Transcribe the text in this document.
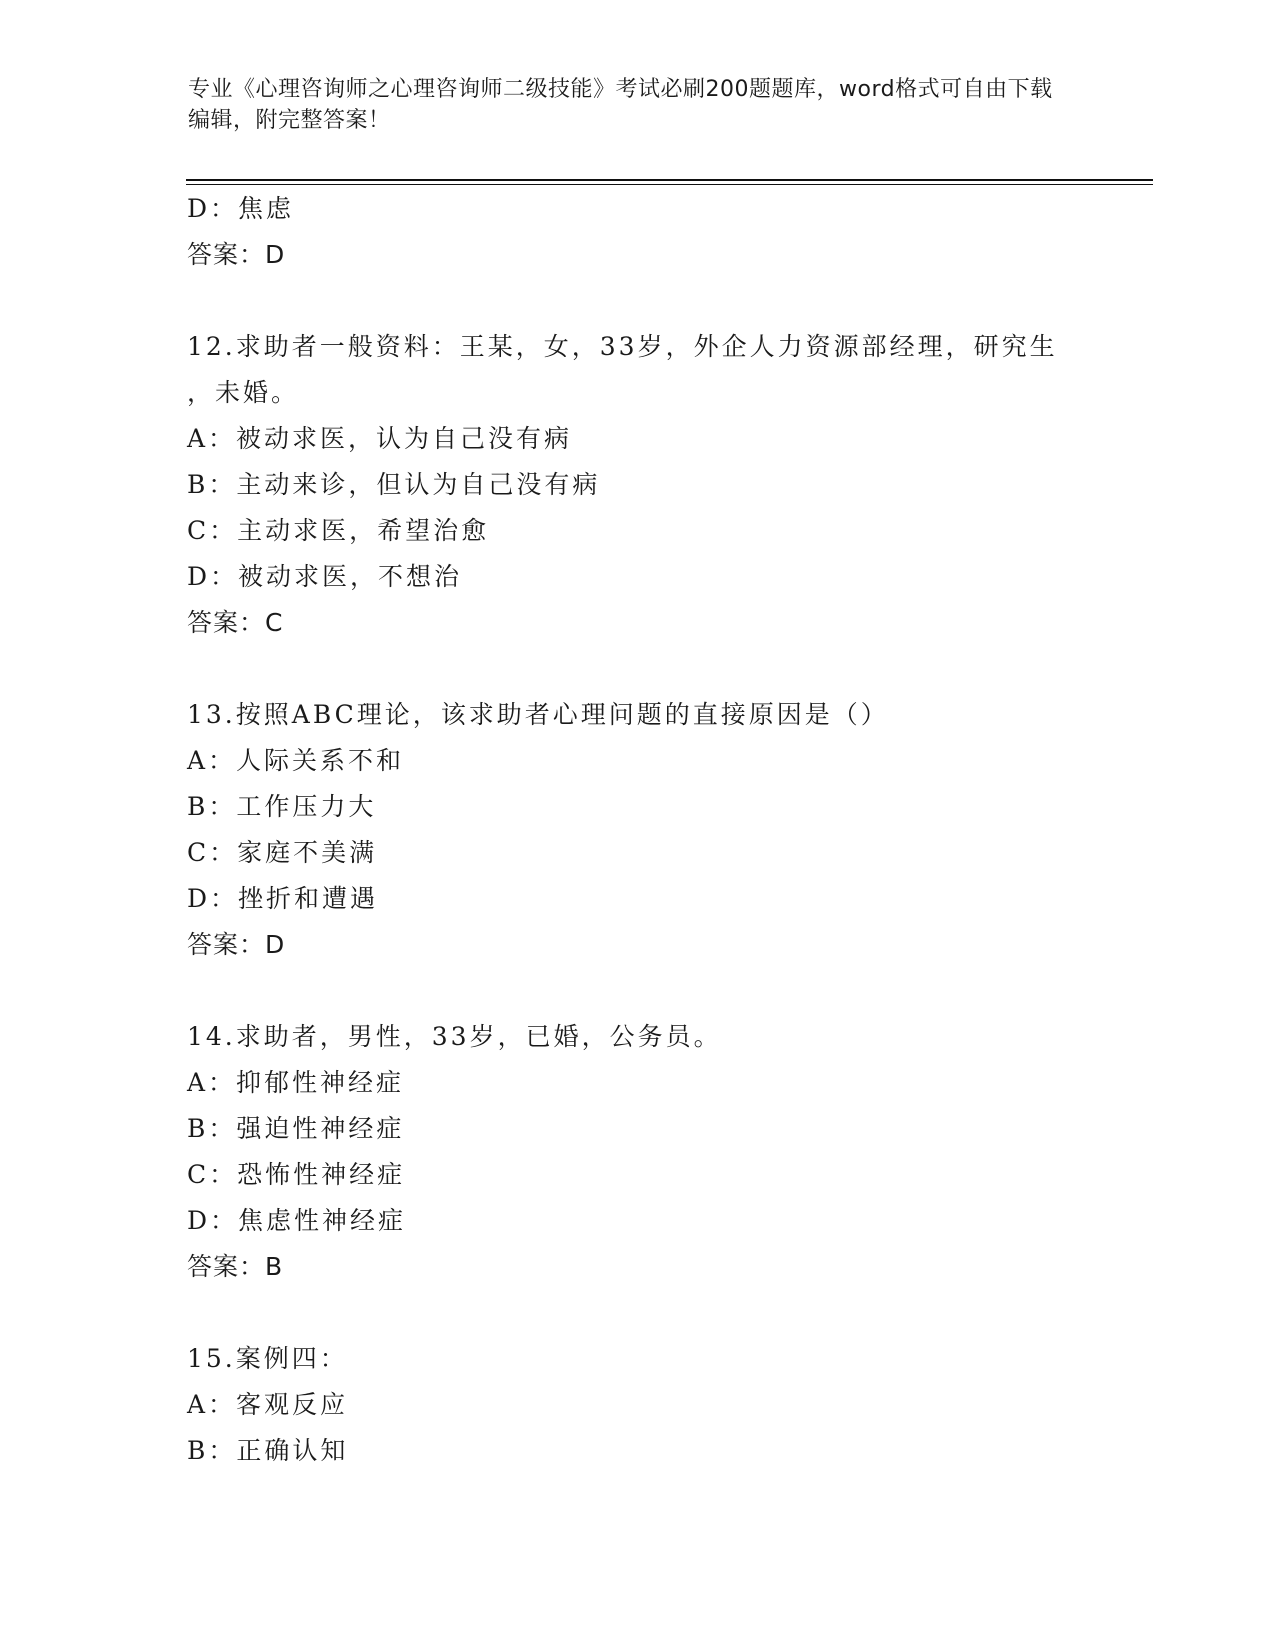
专业《心理咨询师之心理咨询师二级技能》考试必刷200题题库，word格式可自由下载编辑，附完整答案！
D：焦虑
答案：D
12.求助者一般资料：王某，女，33岁，外企人力资源部经理，研究生
，未婚。
A：被动求医，认为自己没有病
B：主动来诊，但认为自己没有病
C：主动求医，希望治愈
D：被动求医，不想治
答案：C
13.按照ABC理论，该求助者心理问题的直接原因是（）
A：人际关系不和
B：工作压力大
C：家庭不美满
D：挫折和遭遇
答案：D
14.求助者，男性，33岁，已婚，公务员。
A：抑郁性神经症
B：强迫性神经症
C：恐怖性神经症
D：焦虑性神经症
答案：B
15.案例四：
A：客观反应
B：正确认知
